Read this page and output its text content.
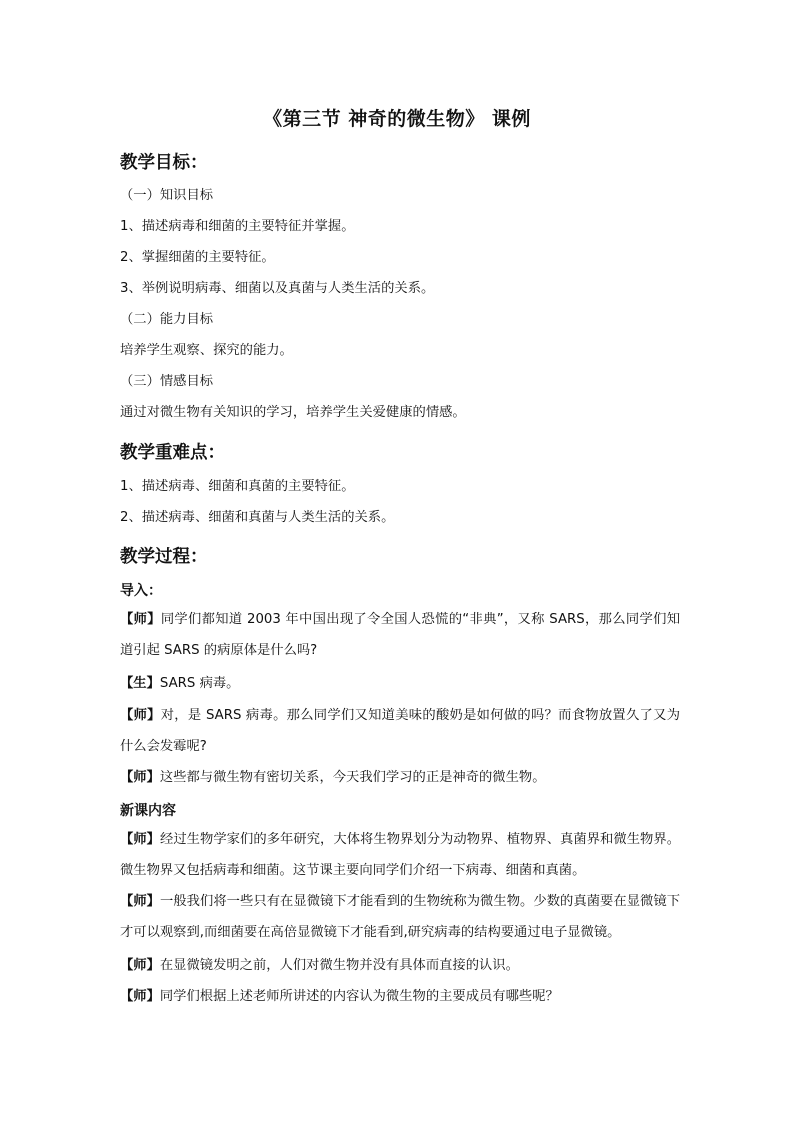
《第三节 神奇的微生物》 课例
教学目标：
（一）知识目标
1、描述病毒和细菌的主要特征并掌握。
2、掌握细菌的主要特征。
3、举例说明病毒、细菌以及真菌与人类生活的关系。
（二）能力目标
培养学生观察、探究的能力。
（三）情感目标
通过对微生物有关知识的学习，培养学生关爱健康的情感。
教学重难点：
1、描述病毒、细菌和真菌的主要特征。
2、描述病毒、细菌和真菌与人类生活的关系。
教学过程：
导入：
【师】同学们都知道 2003 年中国出现了令全国人恐慌的“非典”，又称 SARS，那么同学们知道引起 SARS 的病原体是什么吗?
【生】SARS 病毒。
【师】对，是 SARS 病毒。那么同学们又知道美味的酸奶是如何做的吗？而食物放置久了又为什么会发霉呢?
【师】这些都与微生物有密切关系，今天我们学习的正是神奇的微生物。
新课内容
【师】经过生物学家们的多年研究，大体将生物界划分为动物界、植物界、真菌界和微生物界。微生物界又包括病毒和细菌。这节课主要向同学们介绍一下病毒、细菌和真菌。
【师】一般我们将一些只有在显微镜下才能看到的生物统称为微生物。少数的真菌要在显微镜下才可以观察到,而细菌要在高倍显微镜下才能看到,研究病毒的结构要通过电子显微镜。
【师】在显微镜发明之前，人们对微生物并没有具体而直接的认识。
【师】同学们根据上述老师所讲述的内容认为微生物的主要成员有哪些呢？
